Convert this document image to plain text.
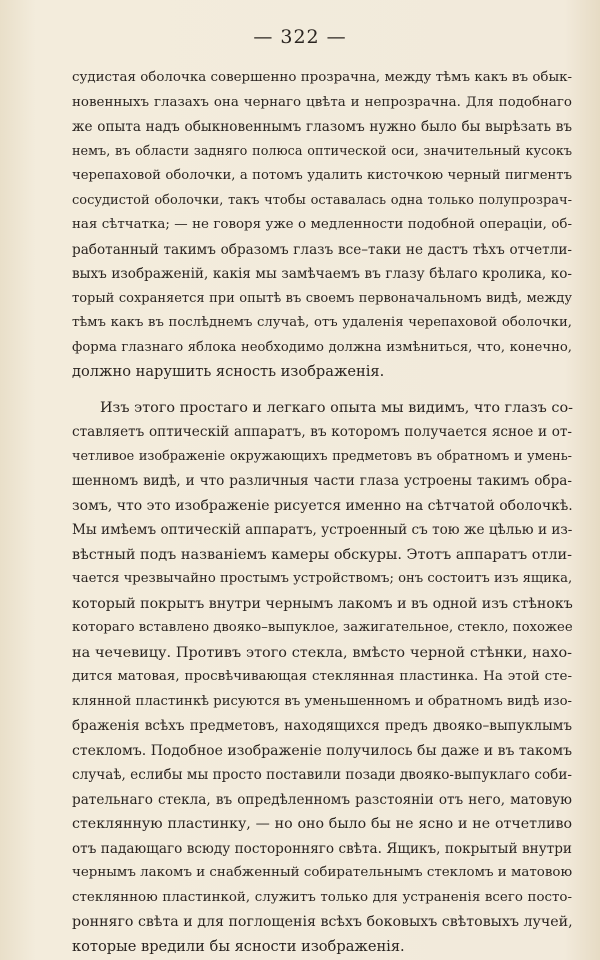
— 322 —

судистая оболочка совершенно прозрачна, между тѣмъ какъ въ обык-
новенныхъ глазахъ она чернаго цвѣта и непрозрачна. Для подобнаго
же опыта надъ обыкновеннымъ глазомъ нужно было бы вырѣзать въ
немъ, въ области задняго полюса оптической оси, значительный кусокъ
черепаховой оболочки, а потомъ удалить кисточкою черный пигментъ
сосудистой оболочки, такъ чтобы оставалась одна только полупрозрач-
ная сѣтчатка; — не говоря уже о медленности подобной операціи, об-
работанный такимъ образомъ глазъ все–таки не дастъ тѣхъ отчетли-
выхъ изображеній, какія мы замѣчаемъ въ глазу бѣлаго кролика, ко-
торый сохраняется при опытѣ въ своемъ первоначальномъ видѣ, между
тѣмъ какъ въ послѣднемъ случаѣ, отъ удаленія черепаховой оболочки,
форма глазнаго яблока необходимо должна измѣниться, что, конечно,
должно нарушить ясность изображенія.

Изъ этого простаго и легкаго опыта мы видимъ, что глазъ со-
ставляетъ оптическій аппаратъ, въ которомъ получается ясное и от-
четливое изображеніе окружающихъ предметовъ въ обратномъ и умень-
шенномъ видѣ, и что различныя части глаза устроены такимъ обра-
зомъ, что это изображеніе рисуется именно на сѣтчатой оболочкѣ.
Мы имѣемъ оптическій аппаратъ, устроенный съ тою же цѣлью и из-
вѣстный подъ названіемъ камеры обскуры. Этотъ аппаратъ отли-
чается чрезвычайно простымъ устройствомъ; онъ состоитъ изъ ящика,
который покрытъ внутри чернымъ лакомъ и въ одной изъ стѣнокъ
котораго вставлено двояко–выпуклое, зажигательное, стекло, похожее
на чечевицу. Противъ этого стекла, вмѣсто черной стѣнки, нахо-
дится матовая, просвѣчивающая стеклянная пластинка. На этой сте-
клянной пластинкѣ рисуются въ уменьшенномъ и обратномъ видѣ изо-
браженія всѣхъ предметовъ, находящихся предъ двояко–выпуклымъ
стекломъ. Подобное изображеніе получилось бы даже и въ такомъ
случаѣ, еслибы мы просто поставили позади двояко-выпуклаго соби-
рательнаго стекла, въ опредѣленномъ разстояніи отъ него, матовую
стеклянную пластинку, — но оно было бы не ясно и не отчетливо
отъ падающаго всюду посторонняго свѣта. Ящикъ, покрытый внутри
чернымъ лакомъ и снабженный собирательнымъ стекломъ и матовою
стеклянною пластинкой, служитъ только для устраненія всего посто-
ронняго свѣта и для поглощенія всѣхъ боковыхъ свѣтовыхъ лучей,
которые вредили бы ясности изображенія.
